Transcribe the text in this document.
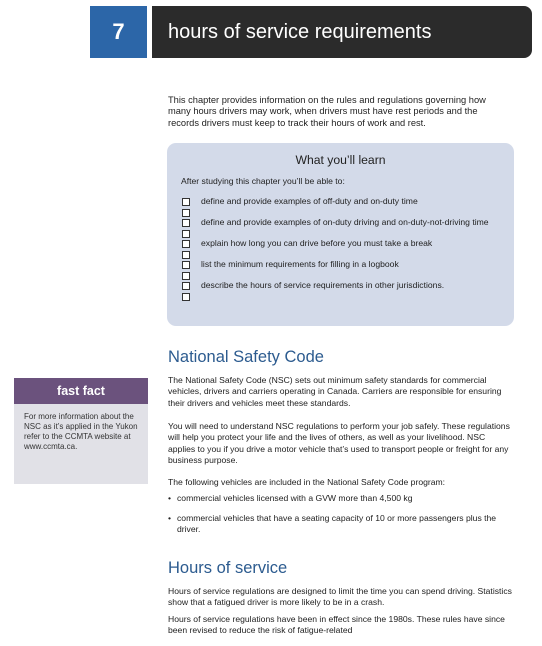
7 hours of service requirements

This chapter provides information on the rules and regulations governing how many hours drivers may work, when drivers must have rest periods and the records drivers must keep to track their hours of work and rest.

What you’ll learn

After studying this chapter you’ll be able to:

define and provide examples of off-duty and on-duty time
define and provide examples of on-duty driving and on-duty-not-driving time
explain how long you can drive before you must take a break
list the minimum requirements for filling in a logbook
describe the hours of service requirements in other jurisdictions.
fast fact
For more information about the NSC as it’s applied in the Yukon refer to the CCMTA website at www.ccmta.ca.
National Safety Code

The National Safety Code (NSC) sets out minimum safety standards for commercial vehicles, drivers and carriers operating in Canada. Carriers are responsible for ensuring their drivers and vehicles meet these standards.

You will need to understand NSC regulations to perform your job safely. These regulations will help you protect your life and the lives of others, as well as your livelihood. NSC applies to you if you drive a motor vehicle that’s used to transport people or freight for any business purpose.

The following vehicles are included in the National Safety Code program:

• commercial vehicles licensed with a GVW more than 4,500 kg

• commercial vehicles that have a seating capacity of 10 or more passengers plus the driver.

Hours of service

Hours of service regulations are designed to limit the time you can spend driving. Statistics show that a fatigued driver is more likely to be in a crash.

Hours of service regulations have been in effect since the 1980s. These rules have since been revised to reduce the risk of fatigue-related
